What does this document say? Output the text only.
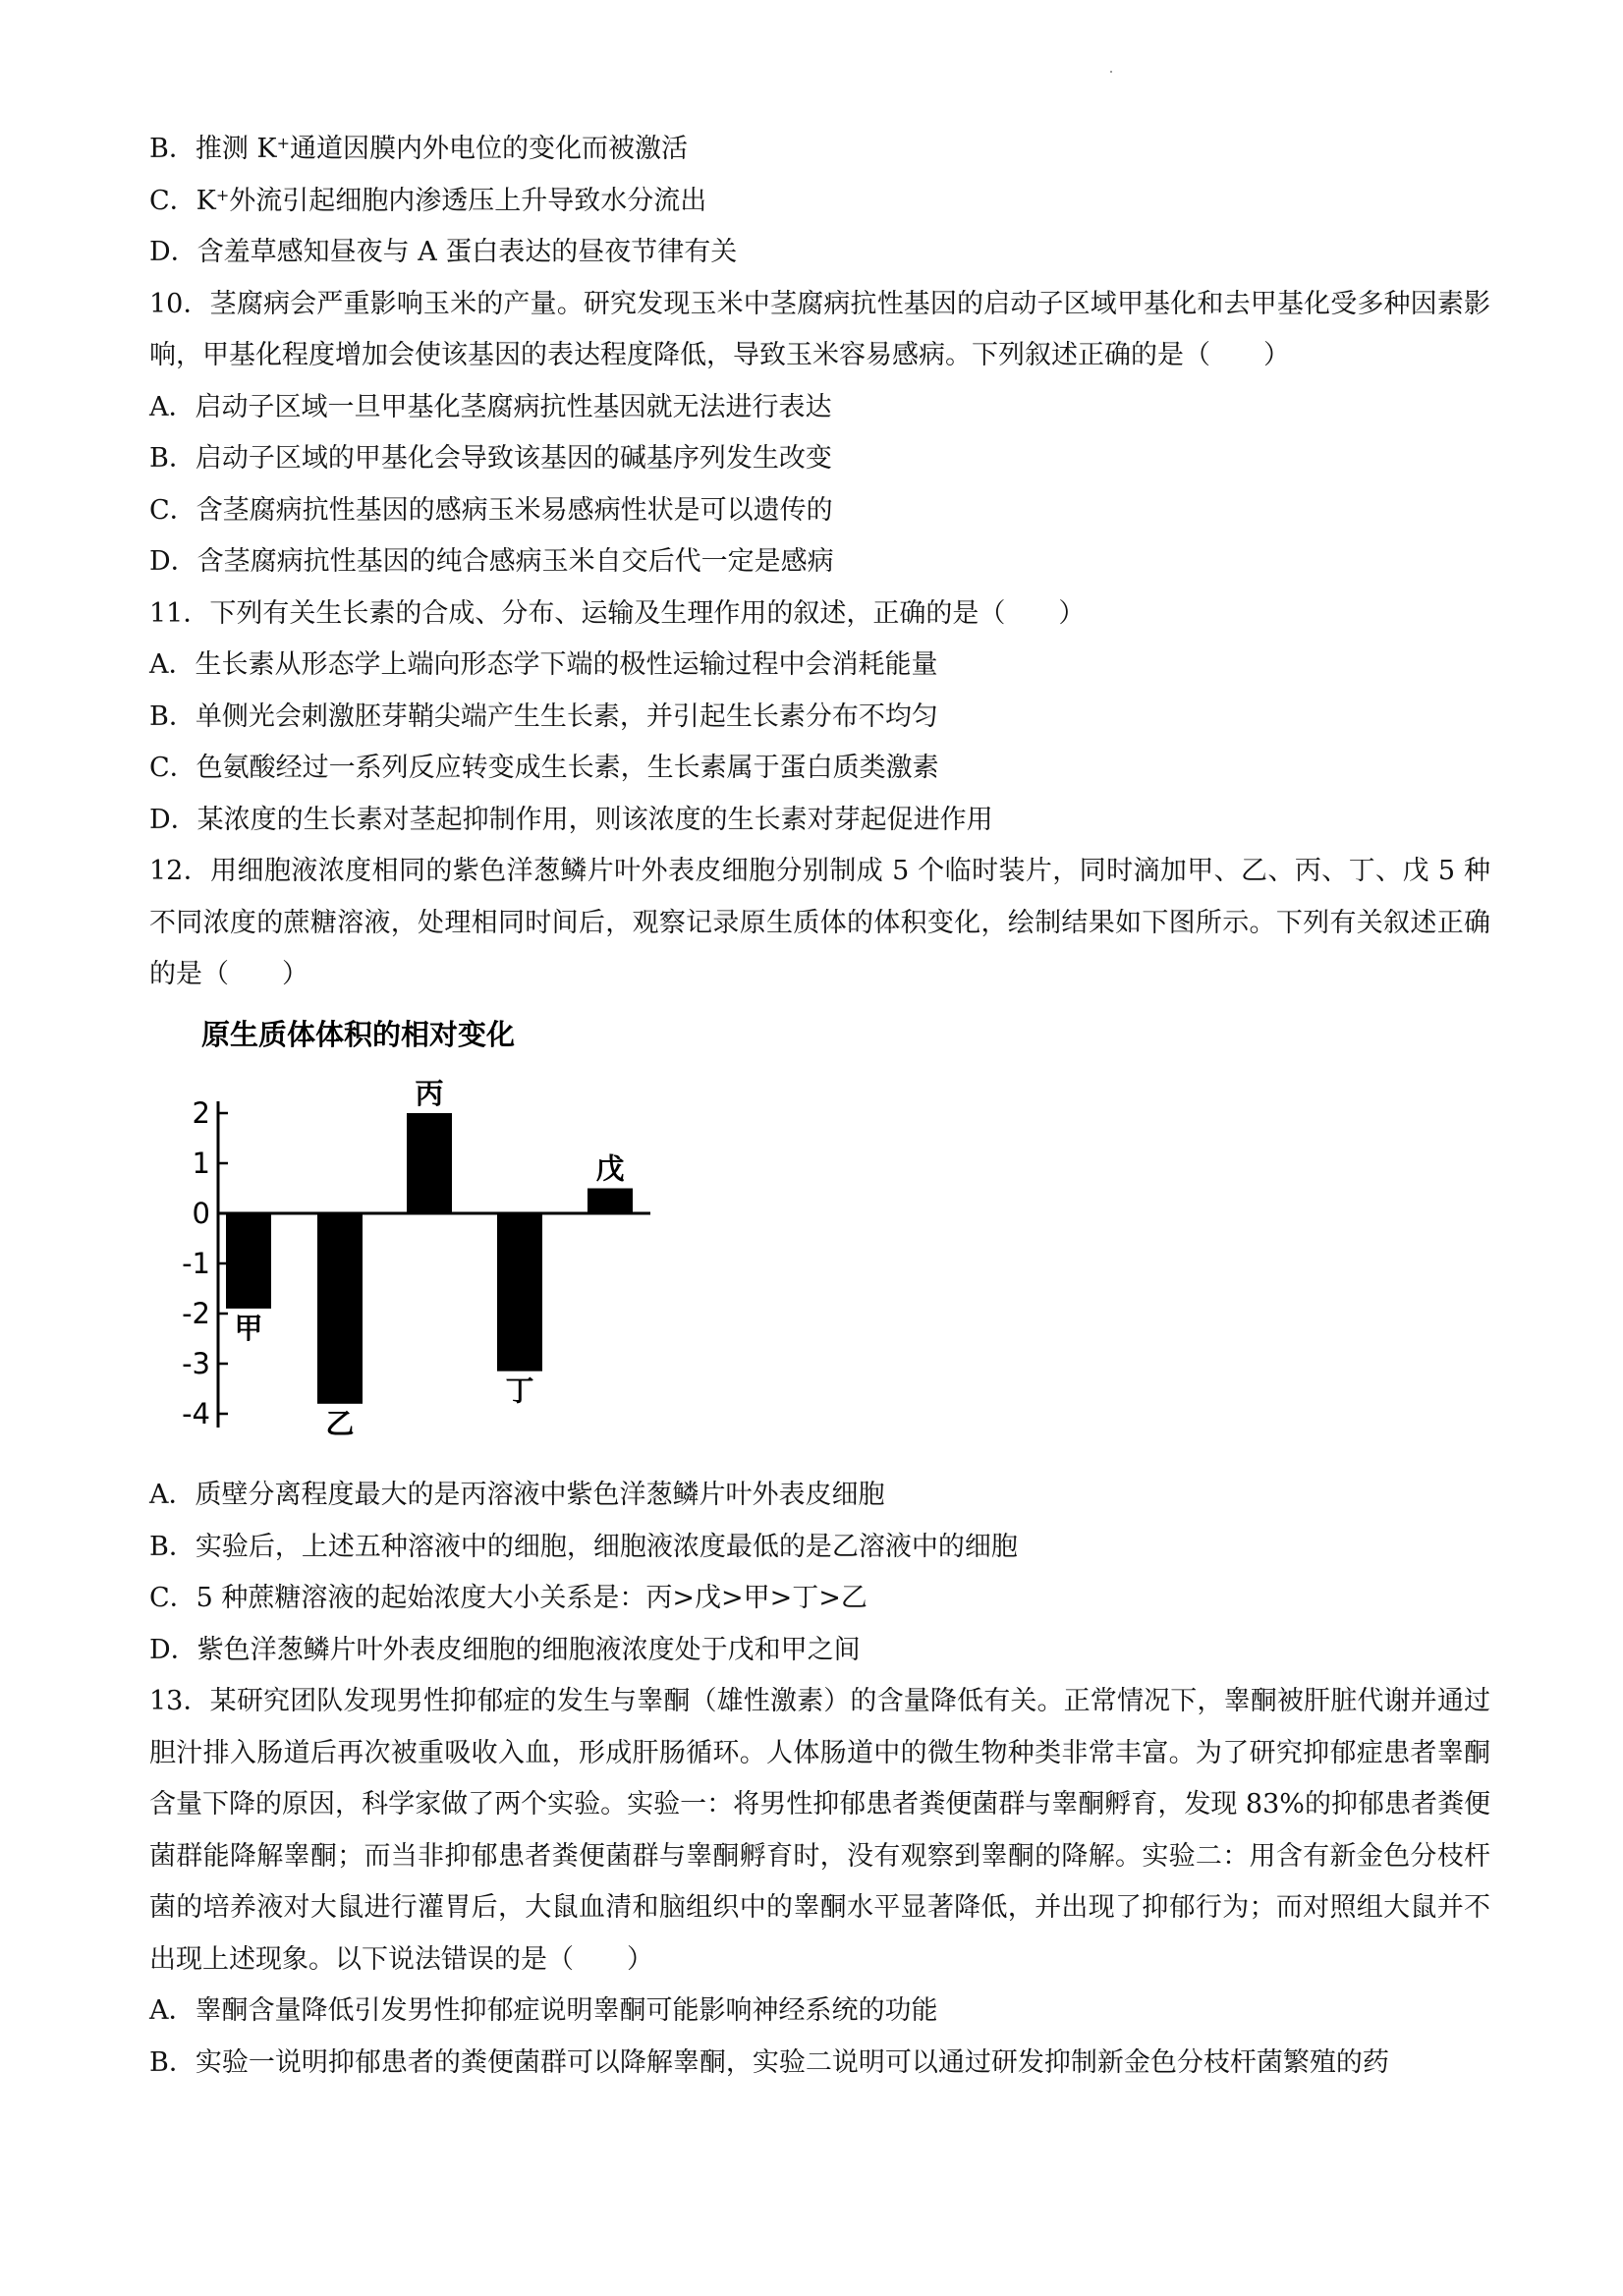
B．推测 K+通道因膜内外电位的变化而被激活
C．K+外流引起细胞内渗透压上升导致水分流出
D．含羞草感知昼夜与 A 蛋白表达的昼夜节律有关

10．茎腐病会严重影响玉米的产量。研究发现玉米中茎腐病抗性基因的启动子区域甲基化和去甲基化受多种因素影响，甲基化程度增加会使该基因的表达程度降低，导致玉米容易感病。下列叙述正确的是（　　）

A．启动子区域一旦甲基化茎腐病抗性基因就无法进行表达
B．启动子区域的甲基化会导致该基因的碱基序列发生改变
C．含茎腐病抗性基因的感病玉米易感病性状是可以遗传的
D．含茎腐病抗性基因的纯合感病玉米自交后代一定是感病

11．下列有关生长素的合成、分布、运输及生理作用的叙述，正确的是（　　）

A．生长素从形态学上端向形态学下端的极性运输过程中会消耗能量
B．单侧光会刺激胚芽鞘尖端产生生长素，并引起生长素分布不均匀
C．色氨酸经过一系列反应转变成生长素，生长素属于蛋白质类激素
D．某浓度的生长素对茎起抑制作用，则该浓度的生长素对芽起促进作用

12．用细胞液浓度相同的紫色洋葱鳞片叶外表皮细胞分别制成 5 个临时装片，同时滴加甲、乙、丙、丁、戊 5 种不同浓度的蔗糖溶液，处理相同时间后，观察记录原生质体的体积变化，绘制结果如下图所示。下列有关叙述正确的是（　　）

原生质体体积的相对变化
2
1
0
-1
-2
-3
-4
甲
乙
丙
丁
戊
A．质壁分离程度最大的是丙溶液中紫色洋葱鳞片叶外表皮细胞
B．实验后，上述五种溶液中的细胞，细胞液浓度最低的是乙溶液中的细胞
C．5 种蔗糖溶液的起始浓度大小关系是：丙>戊>甲>丁>乙
D．紫色洋葱鳞片叶外表皮细胞的细胞液浓度处于戊和甲之间

13．某研究团队发现男性抑郁症的发生与睾酮（雄性激素）的含量降低有关。正常情况下，睾酮被肝脏代谢并通过胆汁排入肠道后再次被重吸收入血，形成肝肠循环。人体肠道中的微生物种类非常丰富。为了研究抑郁症患者睾酮含量下降的原因，科学家做了两个实验。实验一：将男性抑郁患者粪便菌群与睾酮孵育，发现 83%的抑郁患者粪便菌群能降解睾酮；而当非抑郁患者粪便菌群与睾酮孵育时，没有观察到睾酮的降解。实验二：用含有新金色分枝杆菌的培养液对大鼠进行灌胃后，大鼠血清和脑组织中的睾酮水平显著降低，并出现了抑郁行为；而对照组大鼠并不出现上述现象。以下说法错误的是（　　）

A．睾酮含量降低引发男性抑郁症说明睾酮可能影响神经系统的功能
B．实验一说明抑郁患者的粪便菌群可以降解睾酮，实验二说明可以通过研发抑制新金色分枝杆菌繁殖的药
